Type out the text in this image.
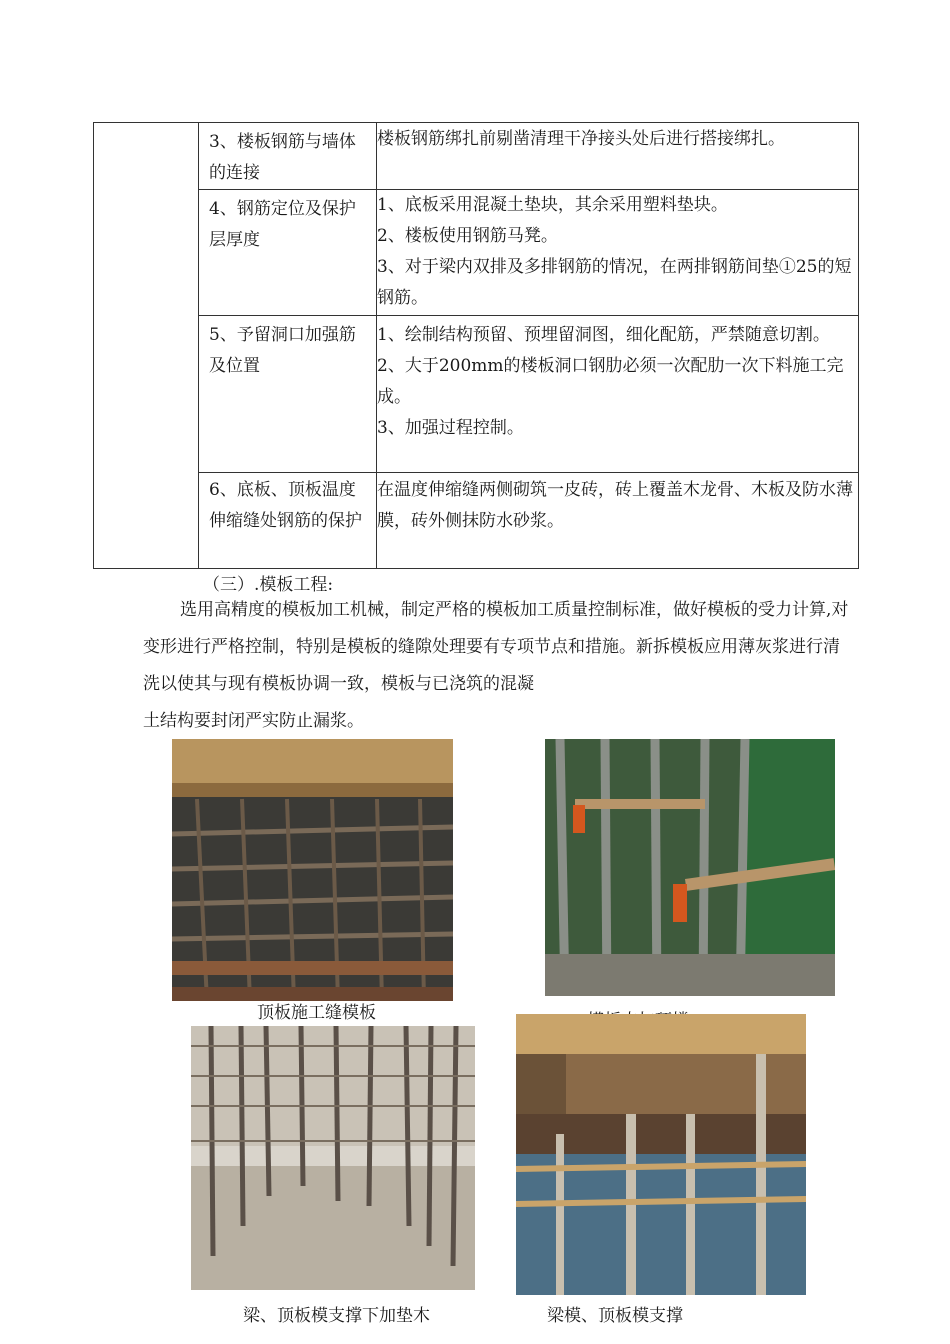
	3、楼板钢筋与墙体的连接	楼板钢筋绑扎前剔凿清理干净接头处后进行搭接绑扎。

	4、钢筋定位及保护层厚度	1、底板采用混凝土垫块，其余采用塑料垫块。
2、楼板使用钢筋马凳。
3、对于梁内双排及多排钢筋的情况，在两排钢筋间垫①25的短钢筋。

	5、予留洞口加强筋及位置	1、绘制结构预留、预埋留洞图，细化配筋，严禁随意切割。
2、大于200mm的楼板洞口钢肋必须一次配肋一次下料施工完成。
3、加强过程控制。

	6、底板、顶板温度伸缩缝处钢筋的保护	在温度伸缩缝两侧砌筑一皮砖，砖上覆盖木龙骨、木板及防水薄膜，砖外侧抹防水砂浆。
（三）.模板工程:
选用高精度的模板加工机械，制定严格的模板加工质量控制标准，做好模板的受力计算,对变形进行严格控制，特别是模板的缝隙处理要有专项节点和措施。新拆模板应用薄灰浆进行清洗以使其与现有模板协调一致，模板与已浇筑的混凝
土结构要封闭严实防止漏浆。
顶板施工缝模板
梁、顶板模支撑下加垫木	梁模、顶板模支撑
